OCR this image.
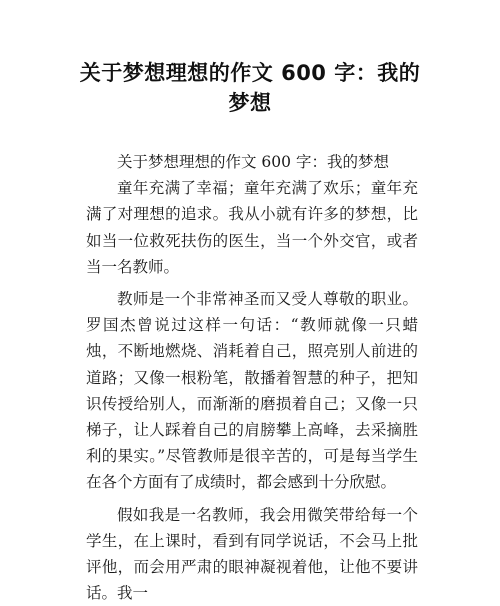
关于梦想理想的作文 600 字：我的梦想

关于梦想理想的作文 600 字：我的梦想

童年充满了幸福；童年充满了欢乐；童年充满了对理想的追求。我从小就有许多的梦想，比如当一位救死扶伤的医生，当一个外交官，或者当一名教师。

教师是一个非常神圣而又受人尊敬的职业。罗国杰曾说过这样一句话：“教师就像一只蜡烛，不断地燃烧、消耗着自己，照亮别人前进的道路；又像一根粉笔，散播着智慧的种子，把知识传授给别人，而渐渐的磨损着自己；又像一只梯子，让人踩着自己的肩膀攀上高峰，去采摘胜利的果实。”尽管教师是很辛苦的，可是每当学生在各个方面有了成绩时，都会感到十分欣慰。

假如我是一名教师，我会用微笑带给每一个学生，在上课时，看到有同学说话，不会马上批评他，而会用严肃的眼神凝视着他，让他不要讲话。我一
